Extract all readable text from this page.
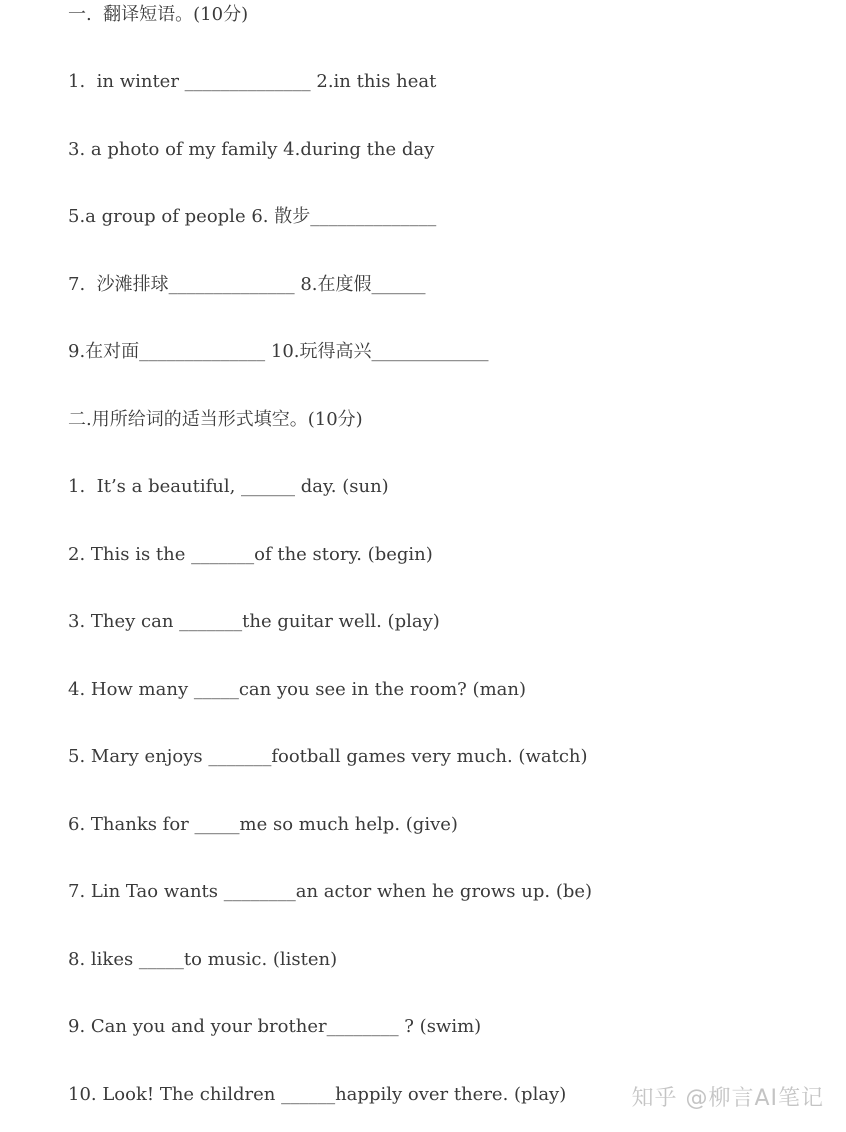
一.  翻译短语。(10分)
1.  in winter ______________ 2.in this heat
3. a photo of my family 4.during the day
5.a group of people 6. 散步______________
7.  沙滩排球______________ 8.在度假______
9.在对面______________ 10.玩得高兴_____________
二.用所给词的适当形式填空。(10分)
1.  It’s a beautiful, ______ day. (sun)
2. This is the _______of the story. (begin)
3. They can _______the guitar well. (play)
4. How many _____can you see in the room? (man)
5. Mary enjoys _______football games very much. (watch)
6. Thanks for _____me so much help. (give)
7. Lin Tao wants ________an actor when he grows up. (be)
8. likes _____to music. (listen)
9. Can you and your brother________ ? (swim)
10. Look! The children ______happily over there. (play)	知乎 @柳言AI笔记
